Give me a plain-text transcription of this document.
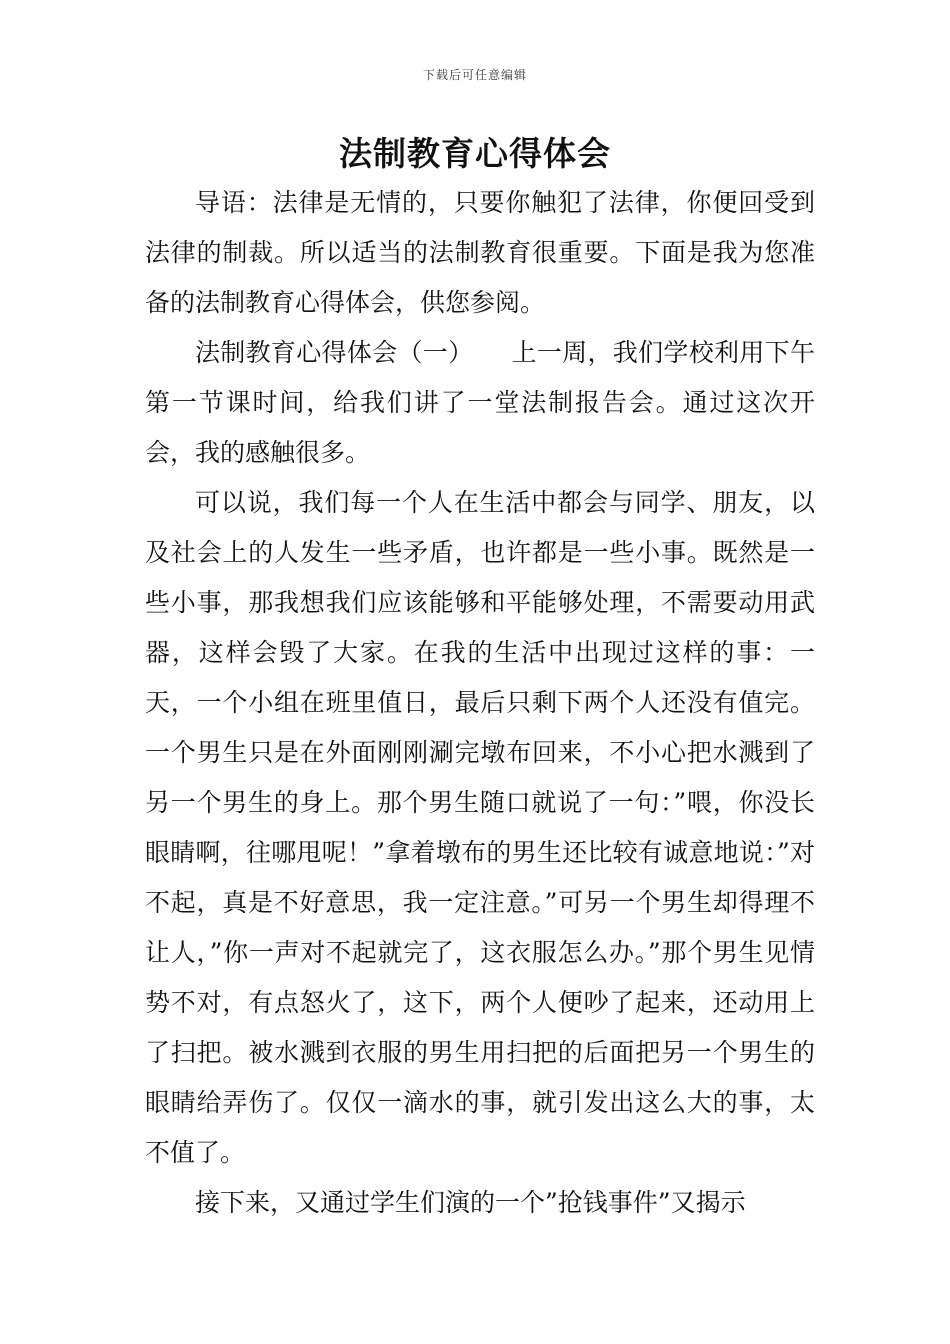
下载后可任意编辑
法制教育心得体会

导语：法律是无情的，只要你触犯了法律，你便回受到法律的制裁。所以适当的法制教育很重要。下面是我为您准备的法制教育心得体会，供您参阅。

法制教育心得体会（一）　　上一周，我们学校利用下午第一节课时间，给我们讲了一堂法制报告会。通过这次开会，我的感触很多。

可以说，我们每一个人在生活中都会与同学、朋友，以及社会上的人发生一些矛盾，也许都是一些小事。既然是一些小事，那我想我们应该能够和平能够处理，不需要动用武器，这样会毁了大家。在我的生活中出现过这样的事：一天，一个小组在班里值日，最后只剩下两个人还没有值完。一个男生只是在外面刚刚涮完墩布回来，不小心把水溅到了另一个男生的身上。那个男生随口就说了一句：”喂，你没长眼睛啊，往哪甩呢！”拿着墩布的男生还比较有诚意地说：”对不起，真是不好意思，我一定注意。”可另一个男生却得理不让人，”你一声对不起就完了，这衣服怎么办。”那个男生见情势不对，有点怒火了，这下，两个人便吵了起来，还动用上了扫把。被水溅到衣服的男生用扫把的后面把另一个男生的眼睛给弄伤了。仅仅一滴水的事，就引发出这么大的事，太不值了。

接下来，又通过学生们演的一个”抢钱事件”又揭示
